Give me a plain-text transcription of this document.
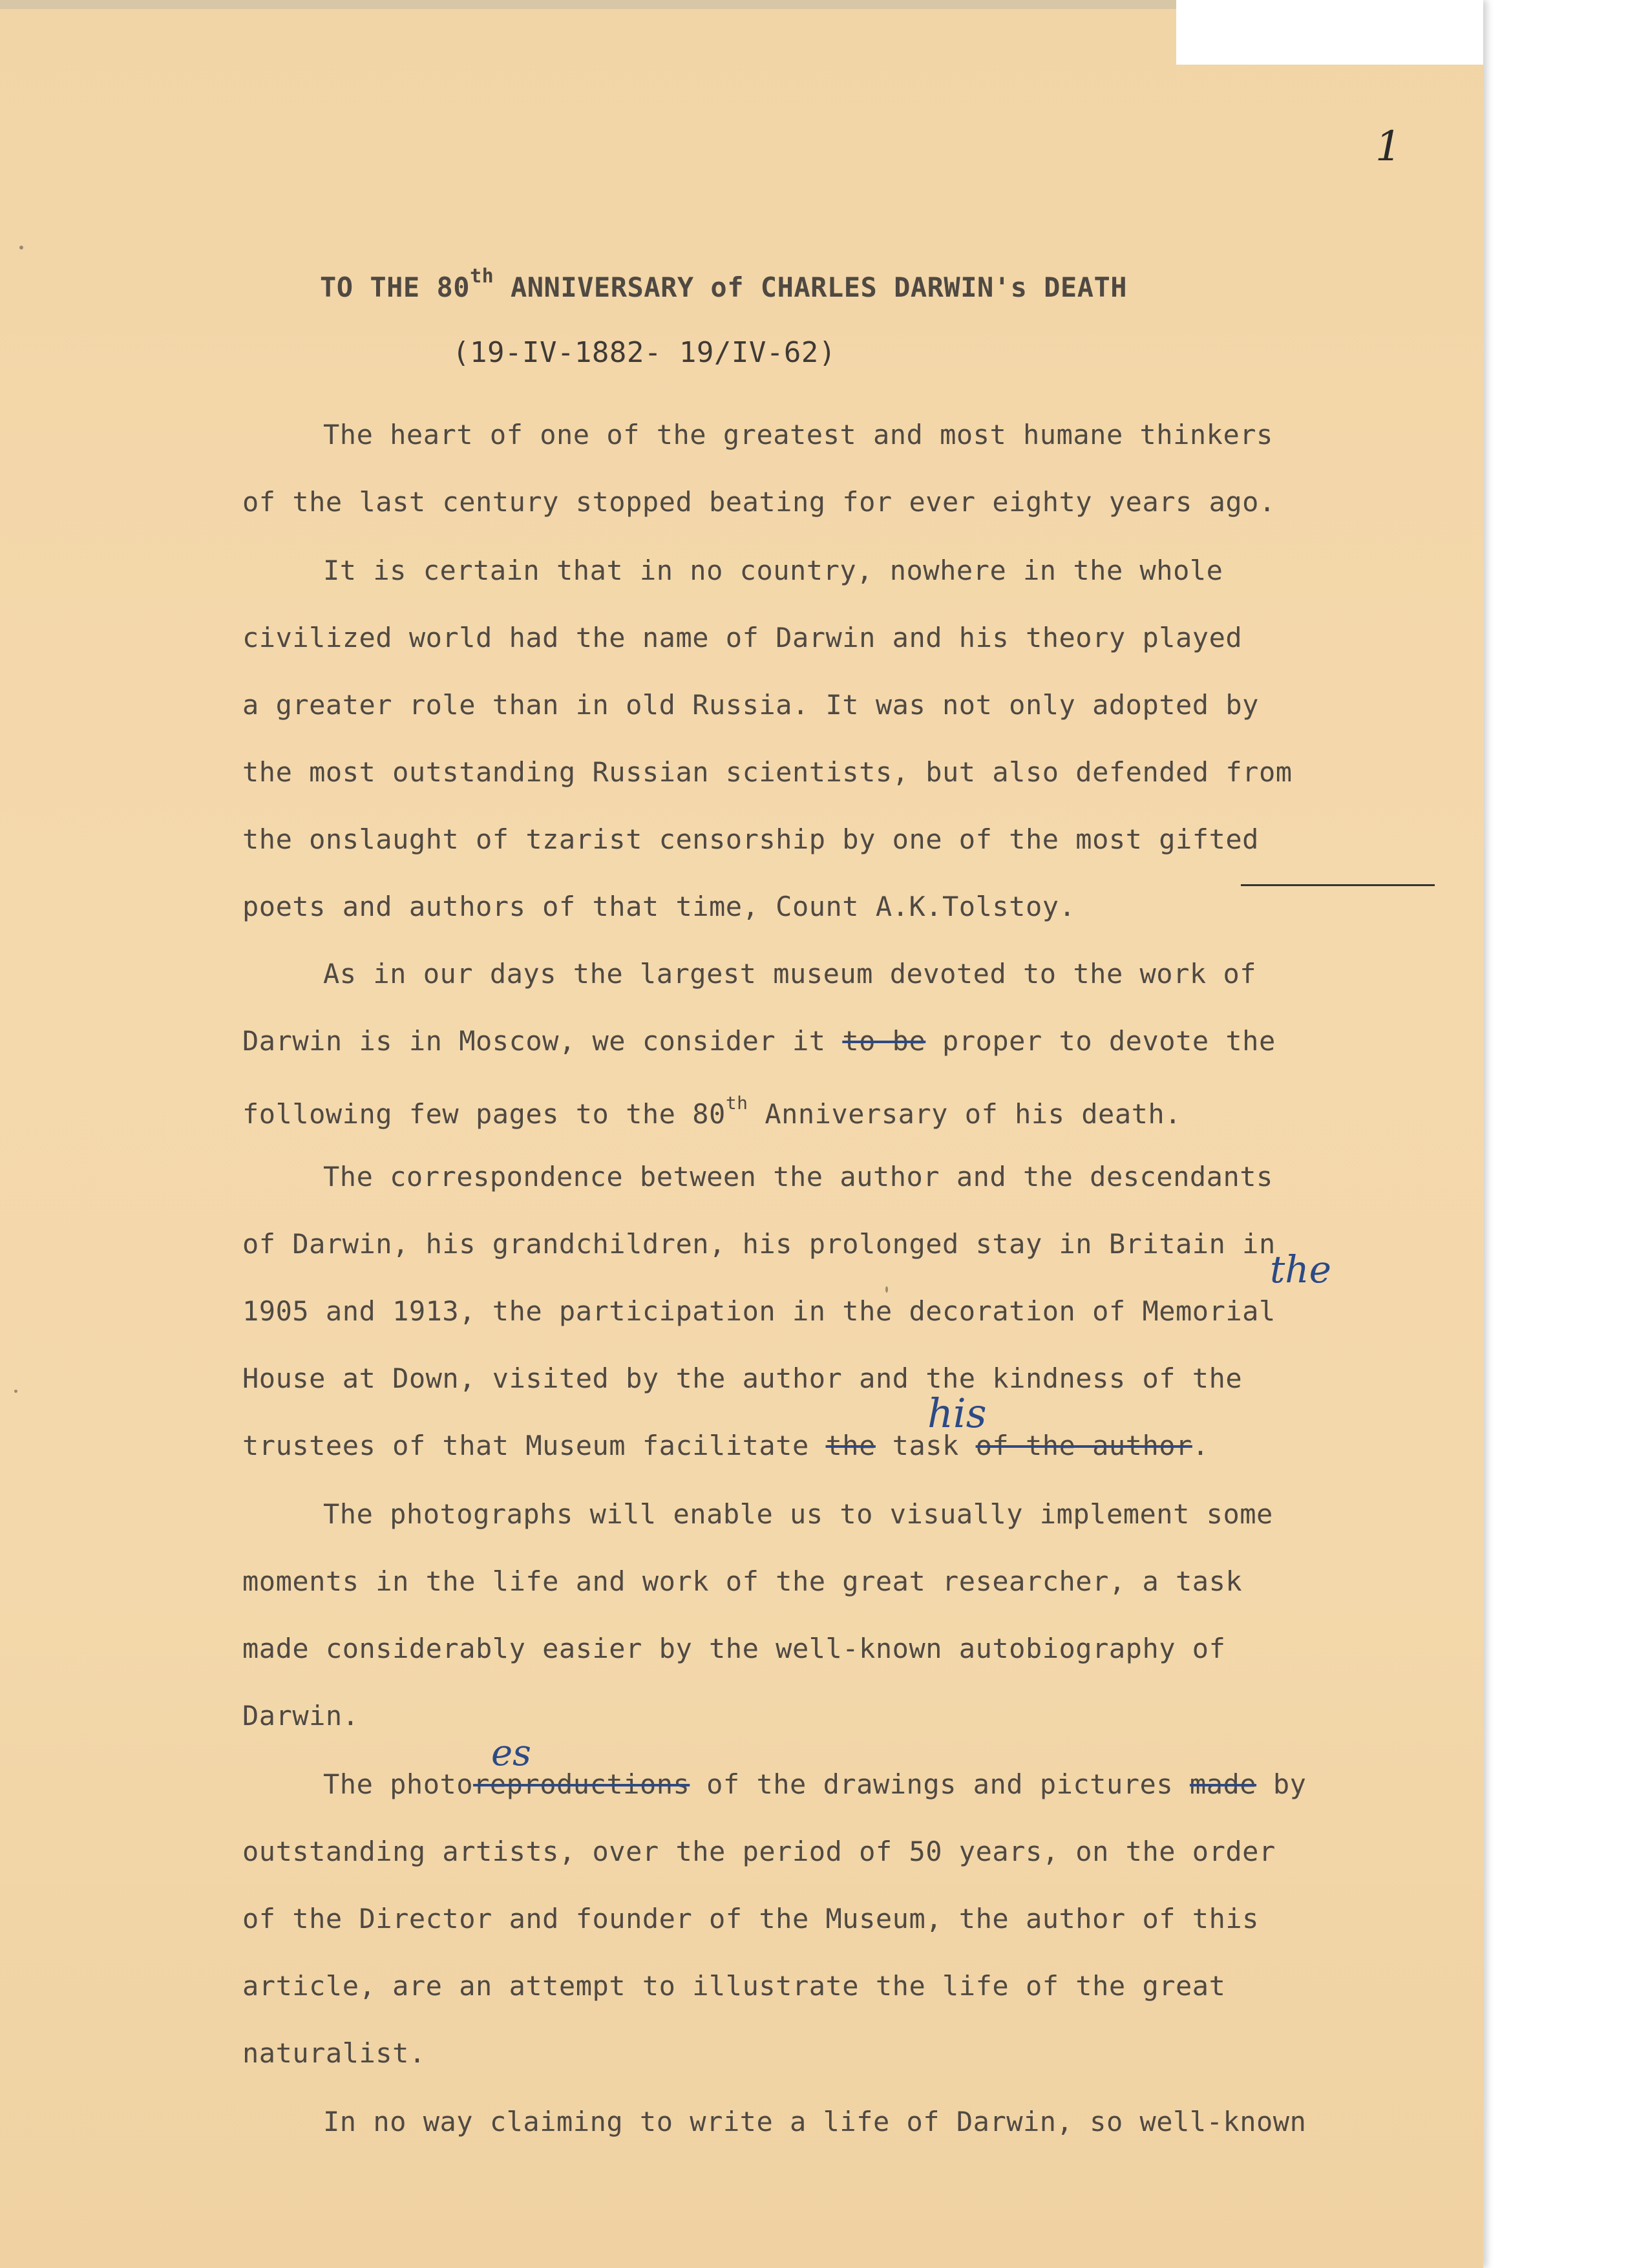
1
TO THE 80th ANNIVERSARY of CHARLES DARWIN's DEATH
(19-IV-1882- 19/IV-62)
The heart of one of the greatest and most humane thinkers
of the last century stopped beating for ever eighty years ago.
It is certain that in no country, nowhere in the whole
civilized world had the name of Darwin and his theory played
a greater role than in old Russia. It was not only adopted by
the most outstanding Russian scientists, but also defended from
the onslaught of tzarist censorship by one of the most gifted
poets and authors of that time, Count A.K.Tolstoy.
As in our days the largest museum devoted to the work of
Darwin is in Moscow, we consider it to be proper to devote the
following few pages to the 80th Anniversary of his death.
The correspondence between the author and the descendants
of Darwin, his grandchildren, his prolonged stay in Britain in
the
1905 and 1913, the participation in the decoration of Memorial
House at Down, visited by the author and the kindness of the
his
trustees of that Museum facilitate the task of the author.
The photographs will enable us to visually implement some
moments in the life and work of the great researcher, a task
made considerably easier by the well-known autobiography of
Darwin.
es
The photoreproductions of the drawings and pictures made by
outstanding artists, over the period of 50 years, on the order
of the Director and founder of the Museum, the author of this
article, are an attempt to illustrate the life of the great
naturalist.
In no way claiming to write a life of Darwin, so well-known
